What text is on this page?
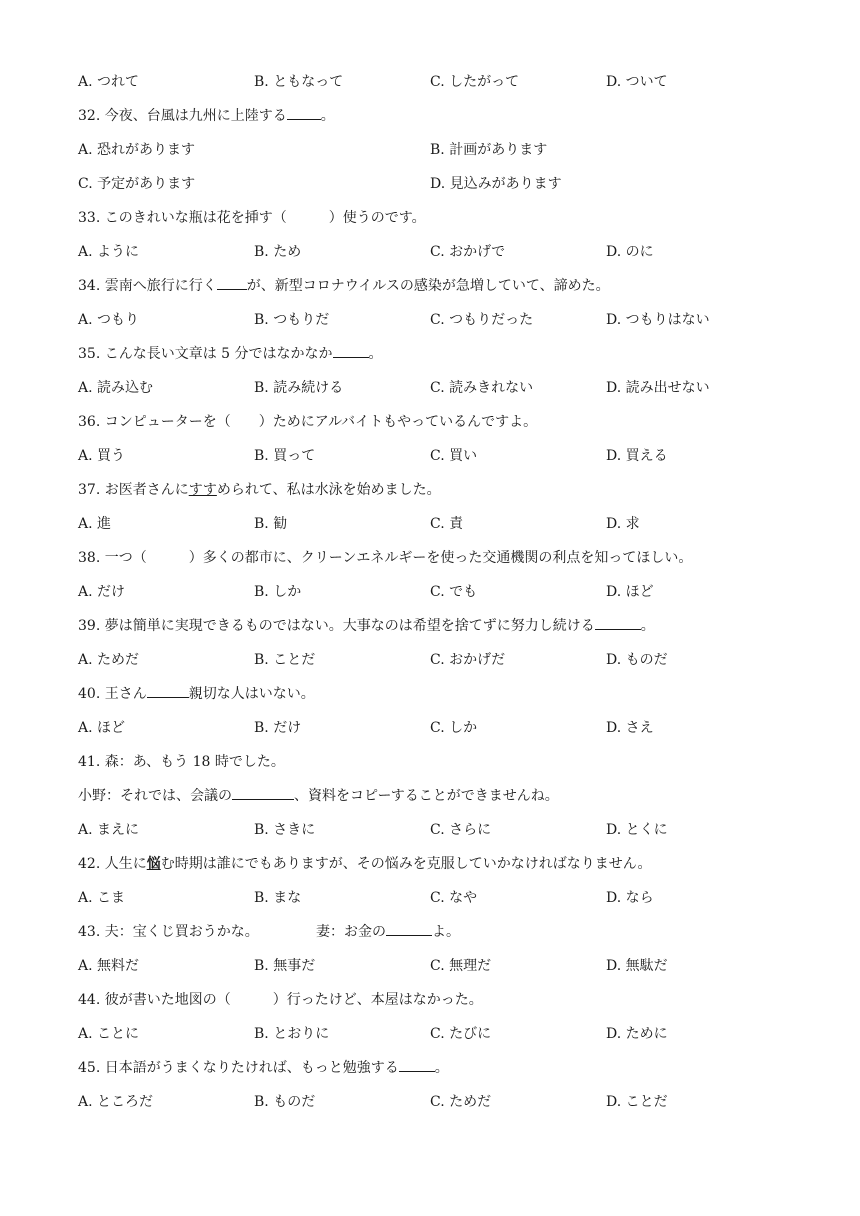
A. つれて	B. ともなって	C. したがって	D. ついて
32. 今夜、台風は九州に上陸する 。
A. 恐れがあります	B. 計画があります
C. 予定があります	D. 見込みがあります
33. このきれいな瓶は花を挿す（　　　）使うのです。
A. ように	B. ため	C. おかげで	D. のに
34. 雲南へ旅行に行く が、新型コロナウイルスの感染が急増していて、諦めた。
A. つもり	B. つもりだ	C. つもりだった	D. つもりはない
35. こんな長い文章は 5 分ではなかなか	。
A. 読み込む	B. 読み続ける	C. 読みきれない	D. 読み出せない
36. コンピューターを（　　）ためにアルバイトもやっているんですよ。
A. 買う	B. 買って	C. 買い	D. 買える
37. お医者さんにすすめられて、私は水泳を始めました。
A. 進	B. 勧	C. 責	D. 求
38. 一つ（　　　）多くの都市に、クリーンエネルギーを使った交通機関の利点を知ってほしい。
A. だけ	B. しか	C. でも	D. ほど
39. 夢は簡単に実現できるものではない。大事なのは希望を捨てずに努力し続ける	。
A. ためだ	B. ことだ	C. おかげだ	D. ものだ
40. 王さん	親切な人はいない。
A. ほど	B. だけ	C. しか	D. さえ
41. 森：あ、もう 18 時でした。
小野：それでは、会議の	、資料をコピーすることができませんね。
A. まえに	B. さきに	C. さらに	D. とくに
42. 人生に悩む時期は誰にでもありますが、その悩みを克服していかなければなりません。
A. こま	B. まな	C. なや	D. なら
43. 夫：宝くじ買おうかな。	妻：お金の	よ。
A. 無料だ	B. 無事だ	C. 無理だ	D. 無駄だ
44. 彼が書いた地図の（　　　）行ったけど、本屋はなかった。
A. ことに	B. とおりに	C. たびに	D. ために
45. 日本語がうまくなりたければ、もっと勉強する	。
A. ところだ	B. ものだ	C. ためだ	D. ことだ
